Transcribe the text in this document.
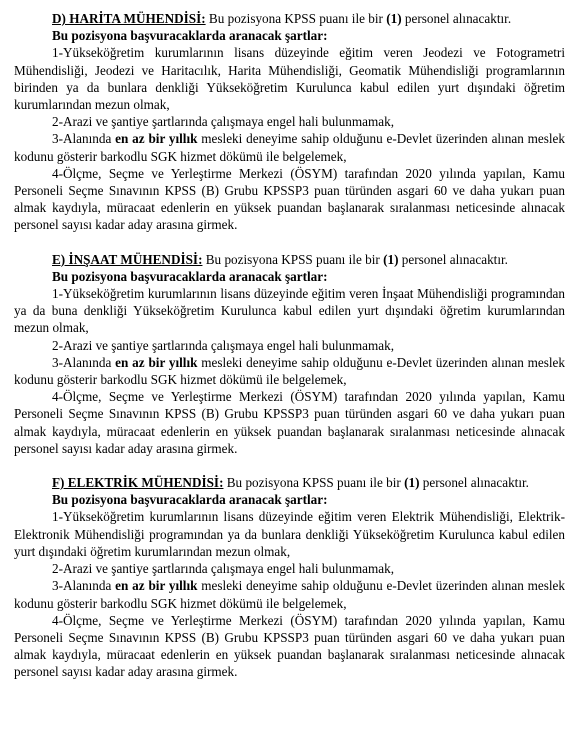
D) HARİTA MÜHENDİSİ: Bu pozisyona KPSS puanı ile bir (1) personel alınacaktır.

Bu pozisyona başvuracaklarda aranacak şartlar:

1-Yükseköğretim kurumlarının lisans düzeyinde eğitim veren Jeodezi ve Fotogrametri Mühendisliği, Jeodezi ve Haritacılık, Harita Mühendisliği, Geomatik Mühendisliği programlarının birinden ya da bunlara denkliği Yükseköğretim Kurulunca kabul edilen yurt dışındaki öğretim kurumlarından mezun olmak,

2-Arazi ve şantiye şartlarında çalışmaya engel hali bulunmamak,

3-Alanında en az bir yıllık mesleki deneyime sahip olduğunu e-Devlet üzerinden alınan meslek kodunu gösterir barkodlu SGK hizmet dökümü ile belgelemek,

4-Ölçme, Seçme ve Yerleştirme Merkezi (ÖSYM) tarafından 2020 yılında yapılan, Kamu Personeli Seçme Sınavının KPSS (B) Grubu KPSSP3 puan türünden asgari 60 ve daha yukarı puan almak kaydıyla, müracaat edenlerin en yüksek puandan başlanarak sıralanması neticesinde alınacak personel sayısı kadar aday arasına girmek.

E) İNŞAAT MÜHENDİSİ: Bu pozisyona KPSS puanı ile bir (1) personel alınacaktır.

Bu pozisyona başvuracaklarda aranacak şartlar:

1-Yükseköğretim kurumlarının lisans düzeyinde eğitim veren İnşaat Mühendisliği programından ya da buna denkliği Yükseköğretim Kurulunca kabul edilen yurt dışındaki öğretim kurumlarından mezun olmak,

2-Arazi ve şantiye şartlarında çalışmaya engel hali bulunmamak,

3-Alanında en az bir yıllık mesleki deneyime sahip olduğunu e-Devlet üzerinden alınan meslek kodunu gösterir barkodlu SGK hizmet dökümü ile belgelemek,

4-Ölçme, Seçme ve Yerleştirme Merkezi (ÖSYM) tarafından 2020 yılında yapılan, Kamu Personeli Seçme Sınavının KPSS (B) Grubu KPSSP3 puan türünden asgari 60 ve daha yukarı puan almak kaydıyla, müracaat edenlerin en yüksek puandan başlanarak sıralanması neticesinde alınacak personel sayısı kadar aday arasına girmek.

F) ELEKTRİK MÜHENDİSİ: Bu pozisyona KPSS puanı ile bir (1) personel alınacaktır.

Bu pozisyona başvuracaklarda aranacak şartlar:

1-Yükseköğretim kurumlarının lisans düzeyinde eğitim veren Elektrik Mühendisliği, Elektrik-Elektronik Mühendisliği programından ya da bunlara denkliği Yükseköğretim Kurulunca kabul edilen yurt dışındaki öğretim kurumlarından mezun olmak,

2-Arazi ve şantiye şartlarında çalışmaya engel hali bulunmamak,

3-Alanında en az bir yıllık mesleki deneyime sahip olduğunu e-Devlet üzerinden alınan meslek kodunu gösterir barkodlu SGK hizmet dökümü ile belgelemek,

4-Ölçme, Seçme ve Yerleştirme Merkezi (ÖSYM) tarafından 2020 yılında yapılan, Kamu Personeli Seçme Sınavının KPSS (B) Grubu KPSSP3 puan türünden asgari 60 ve daha yukarı puan almak kaydıyla, müracaat edenlerin en yüksek puandan başlanarak sıralanması neticesinde alınacak personel sayısı kadar aday arasına girmek.
